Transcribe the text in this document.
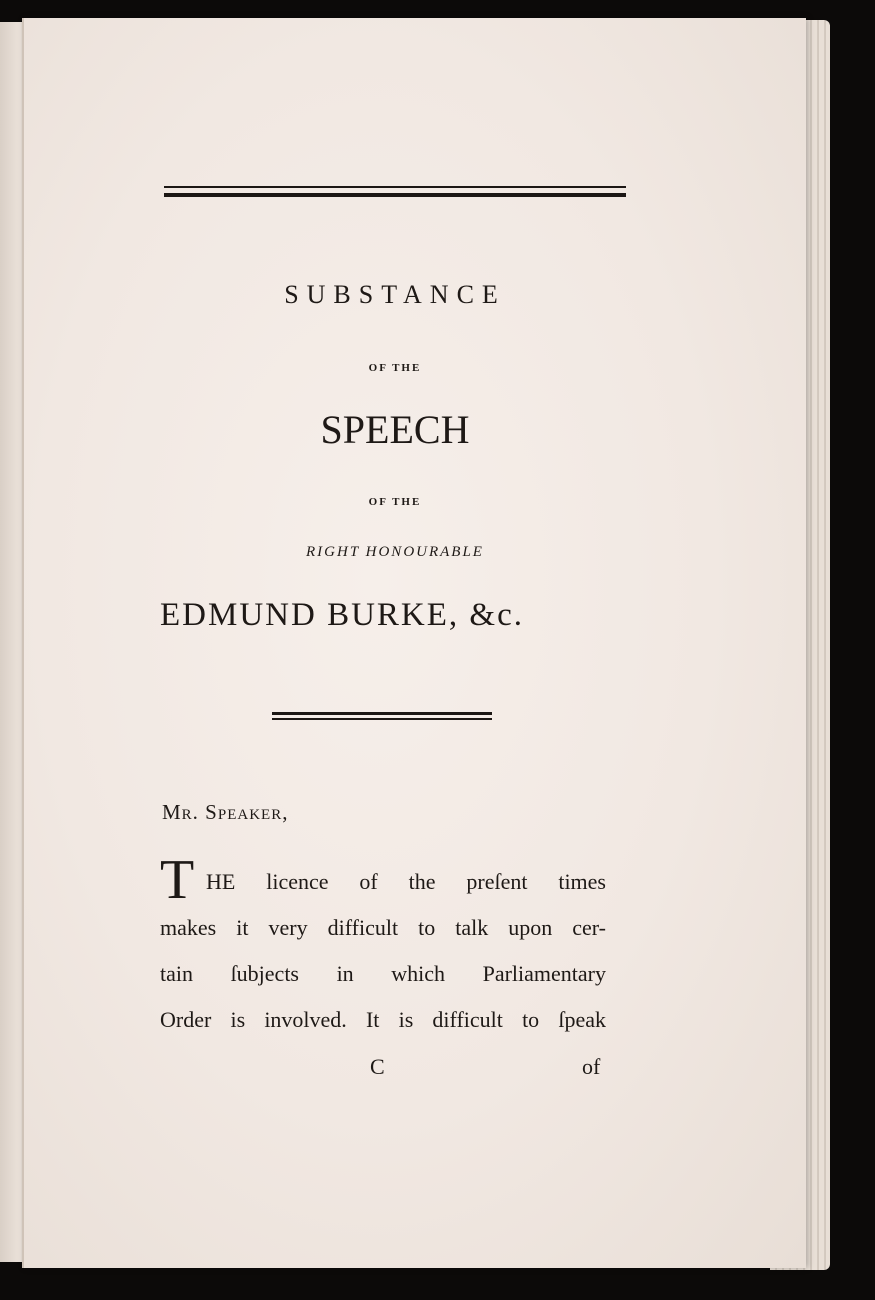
SUBSTANCE
OF THE
SPEECH
OF THE
RIGHT HONOURABLE
EDMUND BURKE, &c.
Mr. Speaker,
T HE licence of the preſent times
makes it very difficult to talk upon cer-
tain ſubjects in which Parliamentary
Order is involved. It is difficult to ſpeak
C	of
